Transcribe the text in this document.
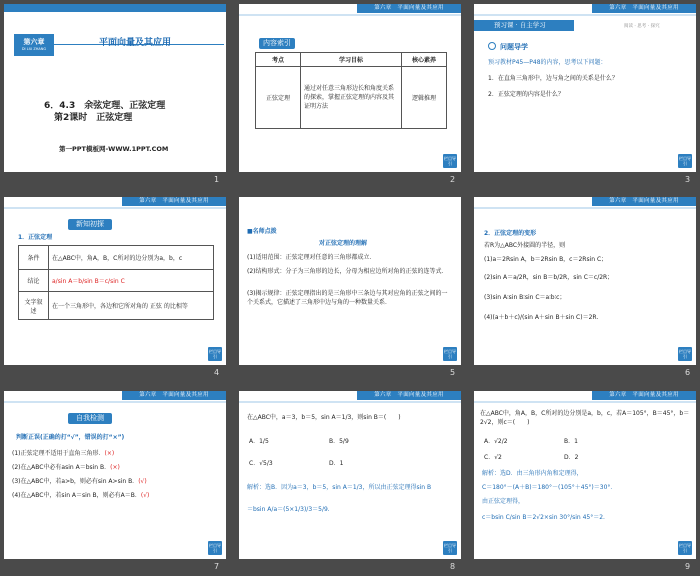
第六章
DI LIU ZHANG
平面向量及其应用
6．4.3　余弦定理、正弦定理
第2课时　正弦定理
第一PPT模板网-WWW.1PPT.COM
1
第六章　平面向量及其应用
内容索引
考点	学习目标	核心素养
正弦定理	通过对任意三角形边长和角度关系的探索，掌握正弦定理的内容及其证明方法	逻辑推理
栏目导引
2
第六章　平面向量及其应用
预习课 · 自主学习	阅读 · 思考 · 探究
问题导学
预习教材P45—P48的内容，思考以下问题：
1．在直角三角形中，边与角之间的关系是什么？
2．正弦定理的内容是什么？
栏目导引
3
第六章　平面向量及其应用
新知初探
1．正弦定理
条件	在△ABC中，角A，B，C所对的边分别为a，b，c
结论	a/sin A＝b/sin B＝c/sin C
文字叙述	在一个三角形中，各边和它所对角的 正弦 的比相等
栏目导引
4
■名师点拨
对正弦定理的理解
(1)适用范围：正弦定理对任意的三角形都成立．
(2)结构形式：分子为三角形的边长，分母为相应边所对角的正弦的连等式．
(3)揭示规律：正弦定理指出的是三角形中三条边与其对应角的正弦之间的一个关系式，它描述了三角形中边与角的一种数量关系．
栏目导引
5
第六章　平面向量及其应用
2．正弦定理的变形
若R为△ABC外接圆的半径，则
(1)a＝2Rsin A，b＝2Rsin B，c＝2Rsin C；
(2)sin A＝a/2R，sin B＝b/2R，sin C＝c/2R；
(3)sin A∶sin B∶sin C＝a∶b∶c；
(4)(a＋b＋c)/(sin A＋sin B＋sin C)＝2R.
栏目导引
6
第六章　平面向量及其应用
自我检测
判断正误(正确的打“√”，错误的打“×”)
(1)正弦定理不适用于直角三角形．(×)
(2)在△ABC中必有asin A＝bsin B．(×)
(3)在△ABC中，若a>b，则必有sin A>sin B．(√)
(4)在△ABC中，若sin A＝sin B，则必有A＝B．(√)
栏目导引
7
第六章　平面向量及其应用
在△ABC中，a＝3，b＝5，sin A＝1/3，则sin B＝(　　)
A．1/5	B．5/9
C．√5/3	D．1
解析：选B．因为a＝3，b＝5，sin A＝1/3，所以由正弦定理得sin B
＝bsin A/a＝(5×1/3)/3＝5/9.
栏目导引
8
第六章　平面向量及其应用
在△ABC中，角A，B，C所对的边分别是a，b，c，若A＝105°，B＝45°，b＝2√2，则c＝(　　)
A．√2/2	B．1
C．√2	D．2
解析：选D．由三角形内角和定理得，
C＝180°－(A＋B)＝180°－(105°＋45°)＝30°．
由正弦定理得，
c＝bsin C/sin B＝2√2×sin 30°/sin 45°＝2.
栏目导引
9
